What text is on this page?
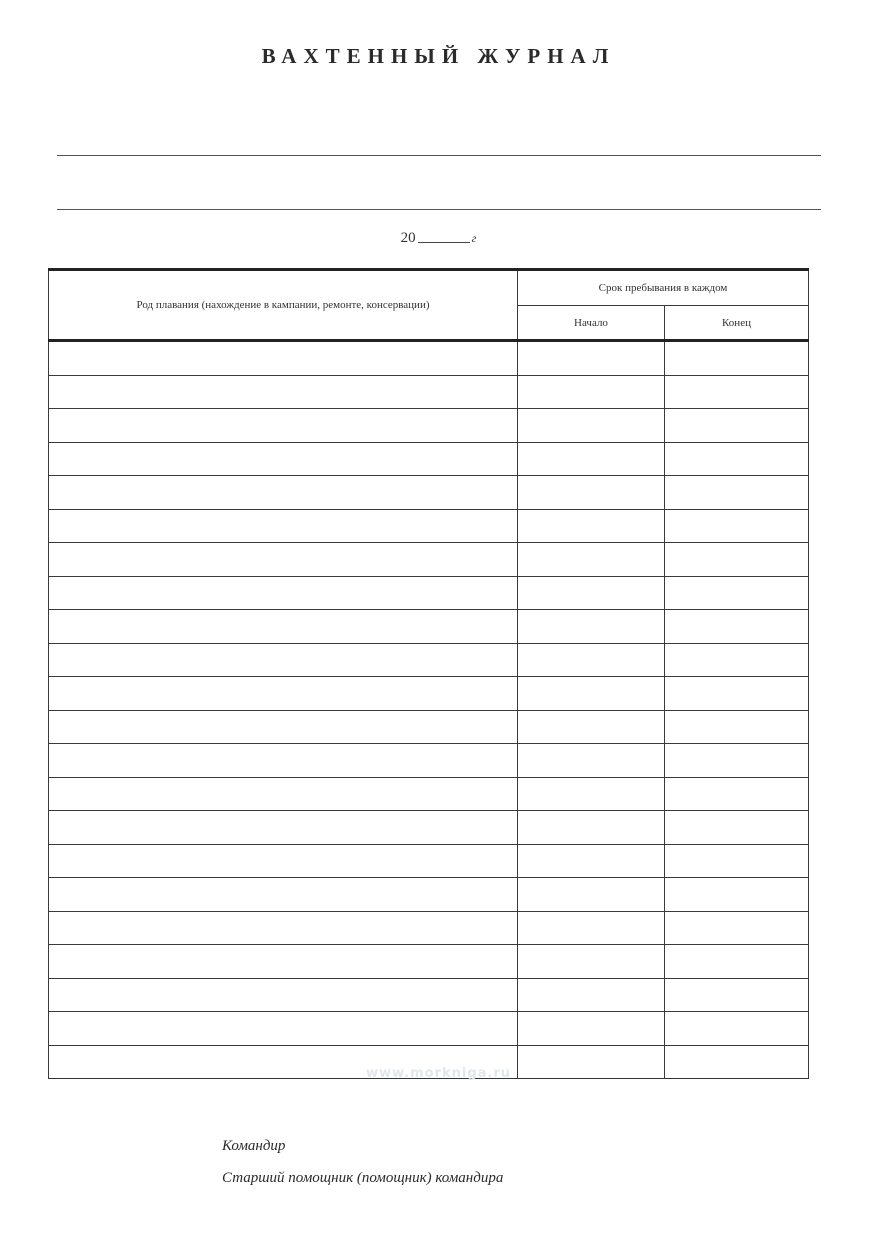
ВАХТЕННЫЙ ЖУРНАЛ
20	г
Род плавания (нахождение в кампании, ремонте, консервации)	Срок пребывания в каждом	
	Начало	Конец

www.morkniga.ru
Командир
Старший помощник (помощник) командира
